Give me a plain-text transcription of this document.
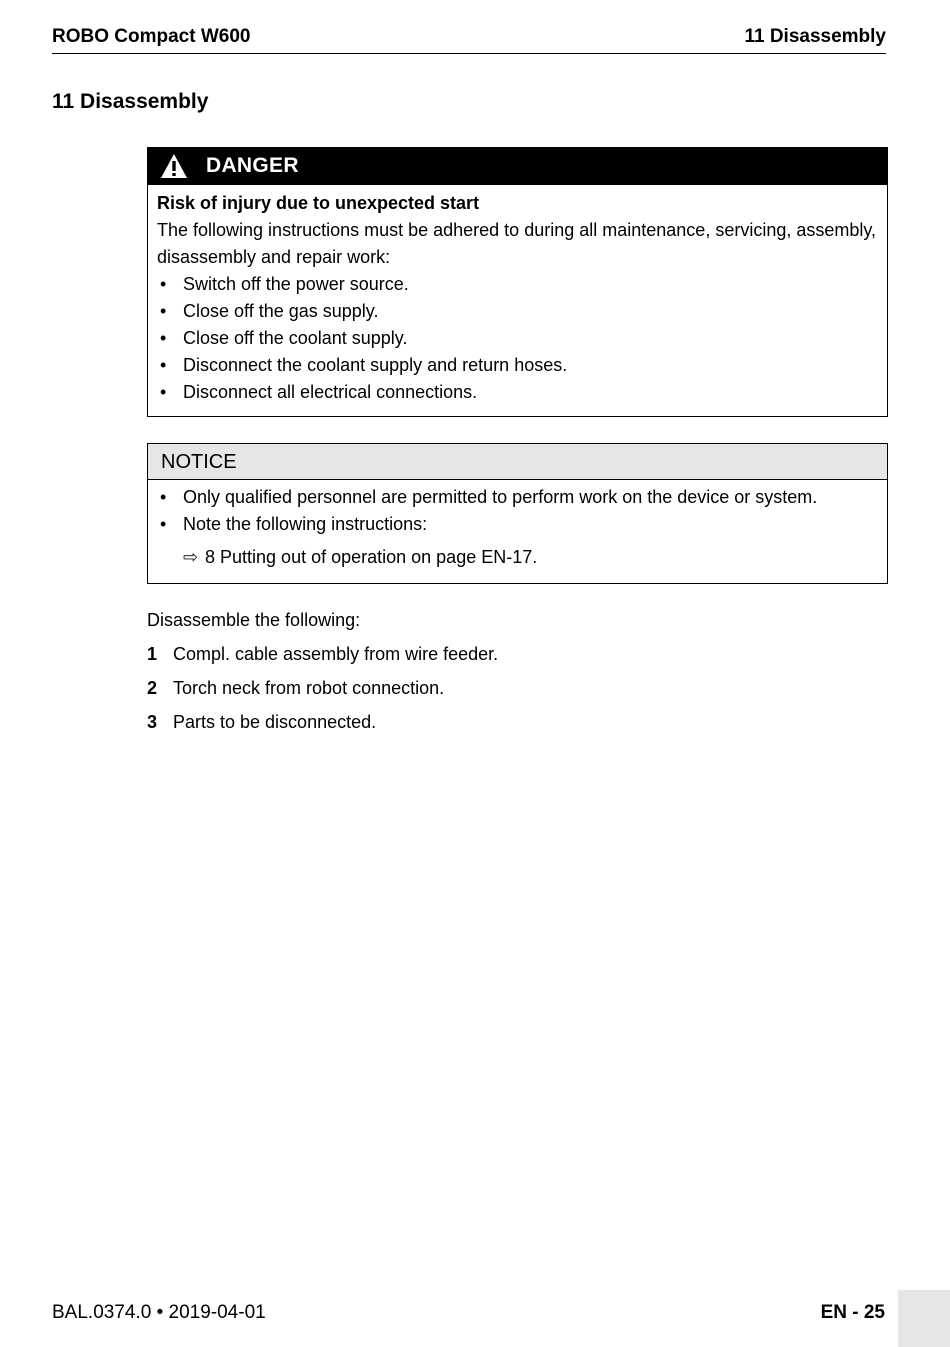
ROBO Compact W600	11 Disassembly
11 Disassembly
DANGER
Risk of injury due to unexpected start
The following instructions must be adhered to during all maintenance, servicing, assembly, disassembly and repair work:
• Switch off the power source.
• Close off the gas supply.
• Close off the coolant supply.
• Disconnect the coolant supply and return hoses.
• Disconnect all electrical connections.
NOTICE
• Only qualified personnel are permitted to perform work on the device or system.
• Note the following instructions:
⇨ 8 Putting out of operation on page EN-17.
Disassemble the following:
1 Compl. cable assembly from wire feeder.
2 Torch neck from robot connection.
3 Parts to be disconnected.
BAL.0374.0 • 2019-04-01	EN - 25
